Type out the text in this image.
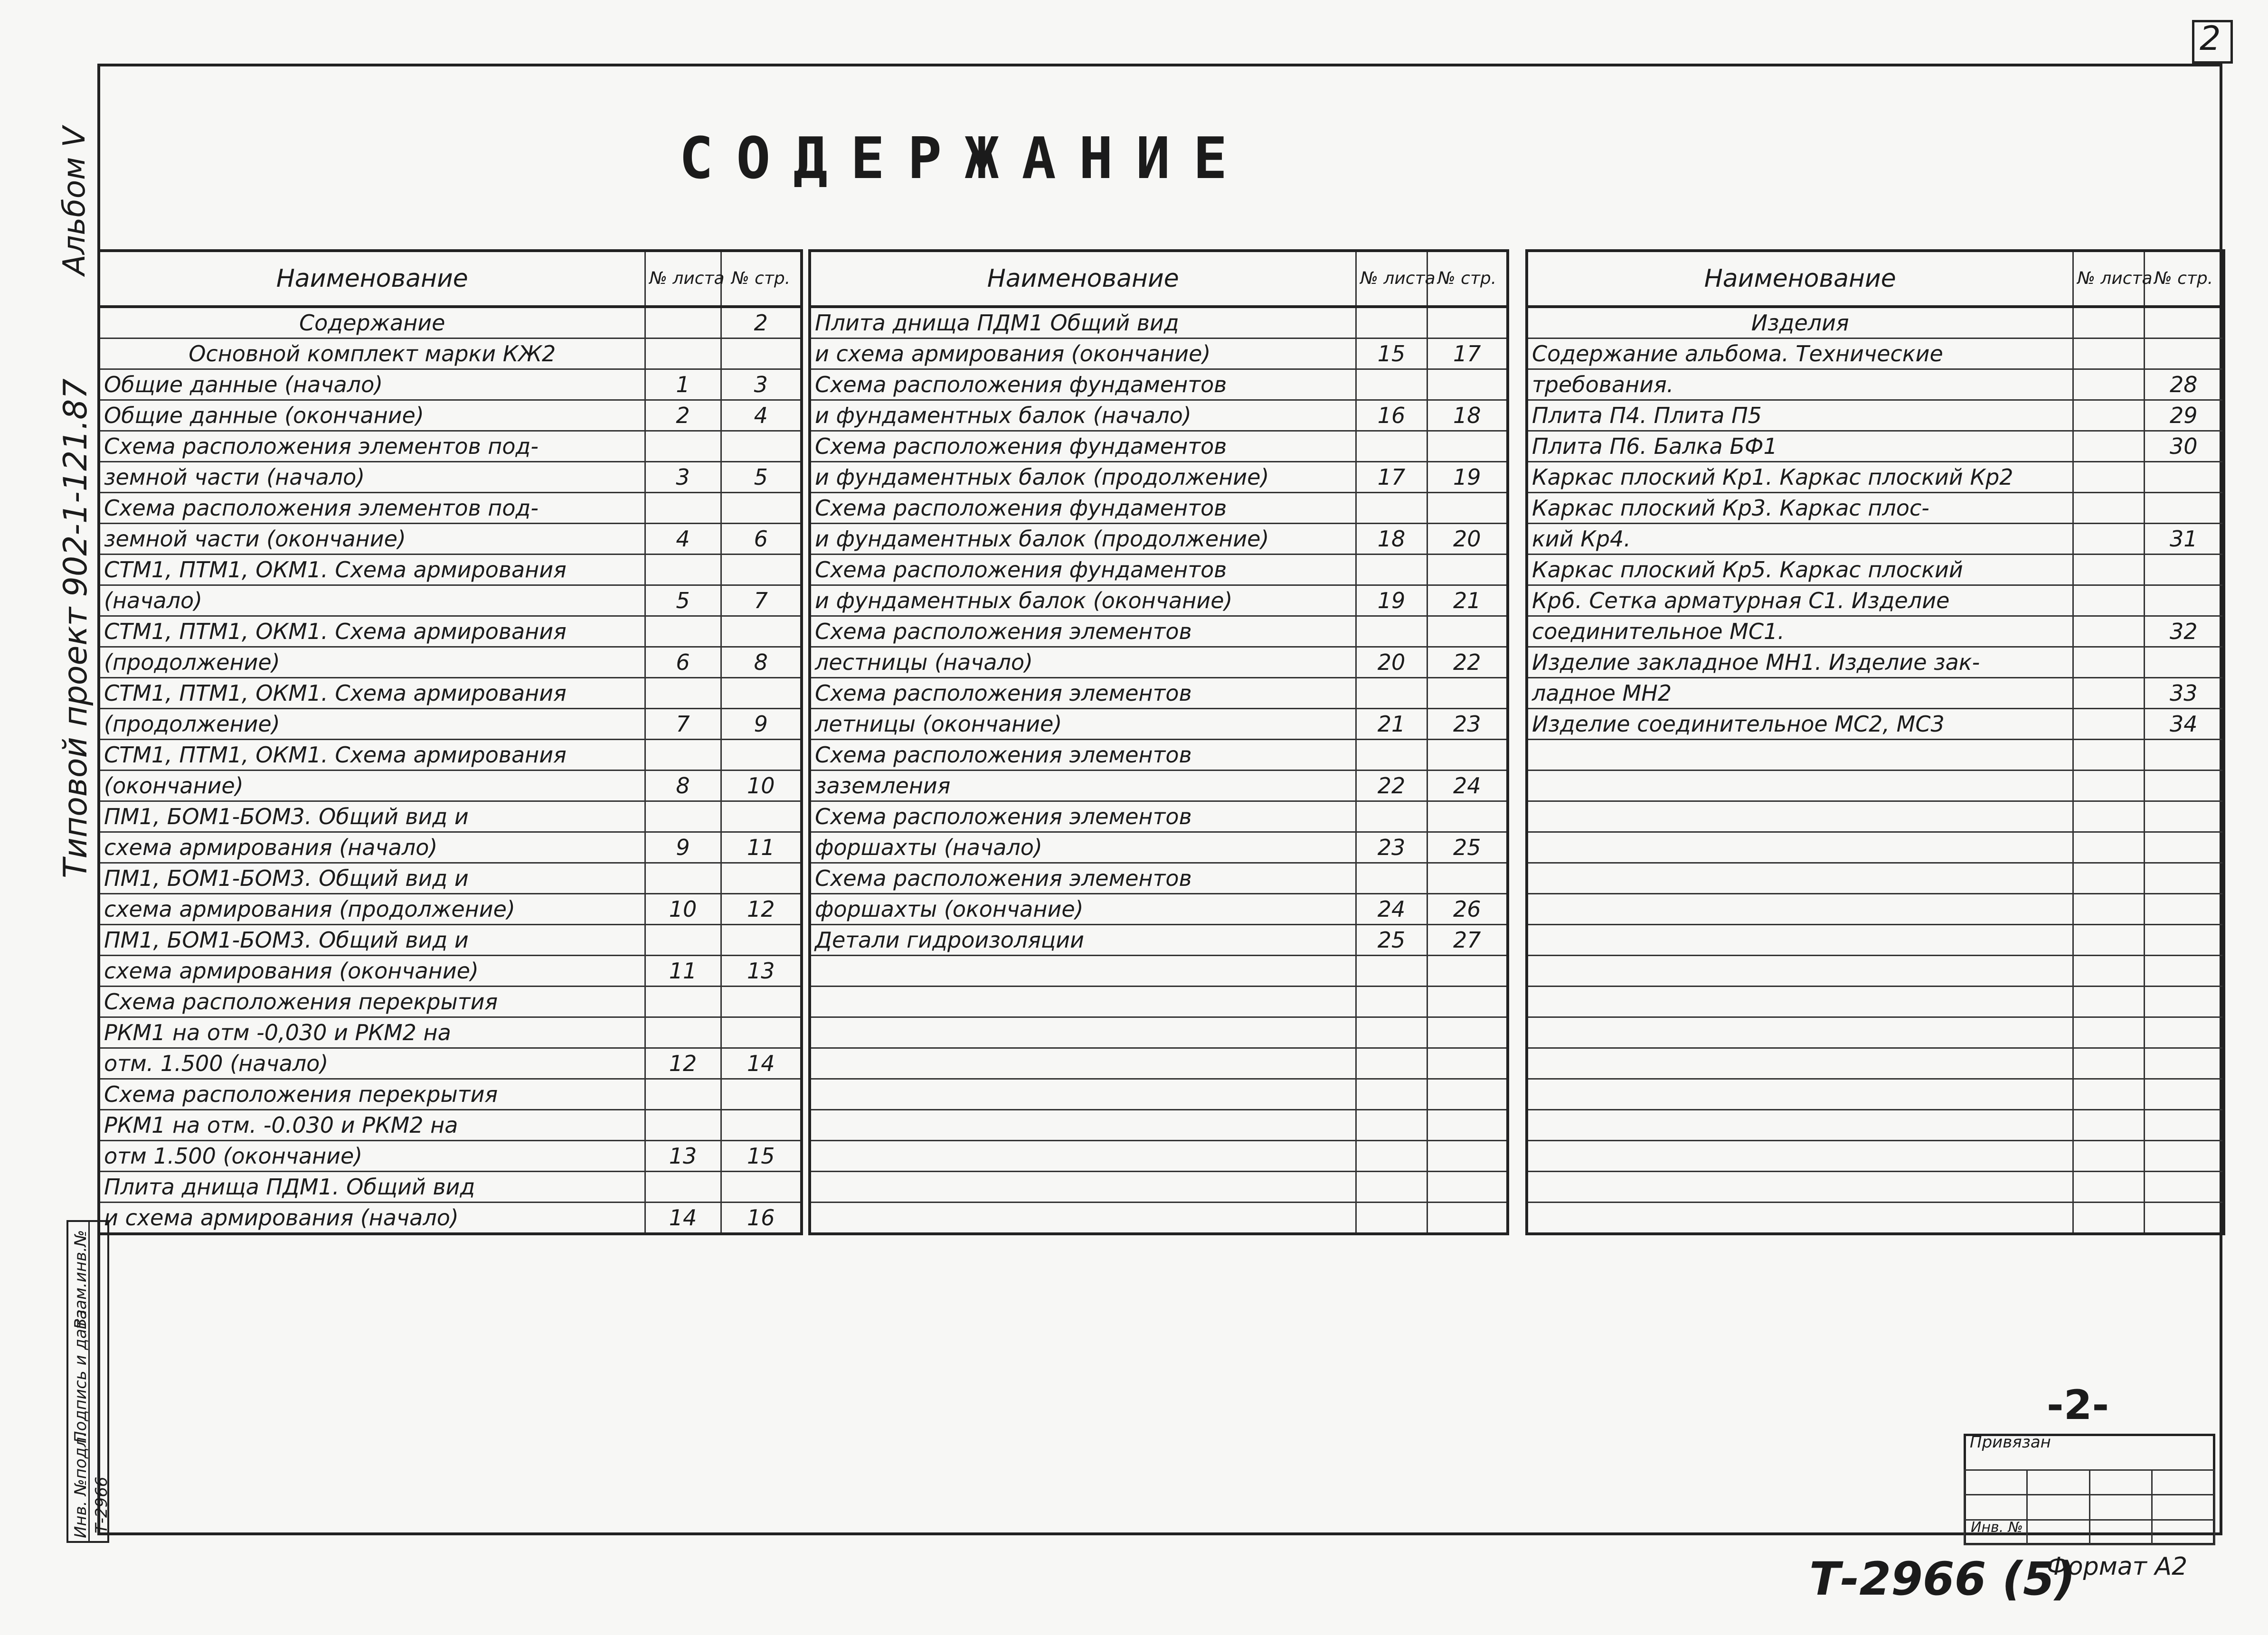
2
Взам.инв.№
Подпись и дата
Инв. №подл. Т-2966
Альбом V
Типовой проект 902-1-121.87
СОДЕРЖАНИЕ
Наименование	№ листа	№ стр.
Содержание		2
Основной комплект марки КЖ2		
Общие данные (начало)	1	3
Общие данные (окончание)	2	4
Схема расположения элементов под-		
земной части (начало)	3	5
Схема расположения элементов под-		
земной части (окончание)	4	6
СТМ1, ПТМ1, ОКМ1. Схема армирования		
(начало)	5	7
СТМ1, ПТМ1, ОКМ1. Схема армирования		
(продолжение)	6	8
СТМ1, ПТМ1, ОКМ1. Схема армирования		
(продолжение)	7	9
СТМ1, ПТМ1, ОКМ1. Схема армирования		
(окончание)	8	10
ПМ1, БОМ1-БОМ3. Общий вид и		
схема армирования (начало)	9	11
ПМ1, БОМ1-БОМ3. Общий вид и		
схема армирования (продолжение)	10	12
ПМ1, БОМ1-БОМ3. Общий вид и		
схема армирования (окончание)	11	13
Схема расположения перекрытия		
РКМ1 на отм -0,030 и РКМ2 на		
отм. 1.500 (начало)	12	14
Схема расположения перекрытия		
РКМ1 на отм. -0.030 и РКМ2 на		
отм 1.500 (окончание)	13	15
Плита днища ПДМ1. Общий вид		
и схема армирования (начало)	14	16
Наименование	№ листа	№ стр.
Плита днища ПДМ1 Общий вид		
и схема армирования (окончание)	15	17
Схема расположения фундаментов		
и фундаментных балок (начало)	16	18
Схема расположения фундаментов		
и фундаментных балок (продолжение)	17	19
Схема расположения фундаментов		
и фундаментных балок (продолжение)	18	20
Схема расположения фундаментов		
и фундаментных балок (окончание)	19	21
Схема расположения элементов		
лестницы (начало)	20	22
Схема расположения элементов		
летницы (окончание)	21	23
Схема расположения элементов		
заземления	22	24
Схема расположения элементов		
форшахты (начало)	23	25
Схема расположения элементов		
форшахты (окончание)	24	26
Детали гидроизоляции	25	27

Наименование	№ листа	№ стр.
Изделия		
Содержание альбома. Технические		
требования.		28
Плита П4. Плита П5		29
Плита П6. Балка БФ1		30
Каркас плоский Кр1. Каркас плоский Кр2		
Каркас плоский Кр3. Каркас плос-		
кий Кр4.		31
Каркас плоский Кр5. Каркас плоский		
Кр6. Сетка арматурная С1. Изделие		
соединительное МС1.		32
Изделие закладное МН1. Изделие зак-		
ладное МН2		33
Изделие соединительное МС2, МС3		34

-2-
Привязан

Инв. №
Т-2966 (5)
Формат А2
